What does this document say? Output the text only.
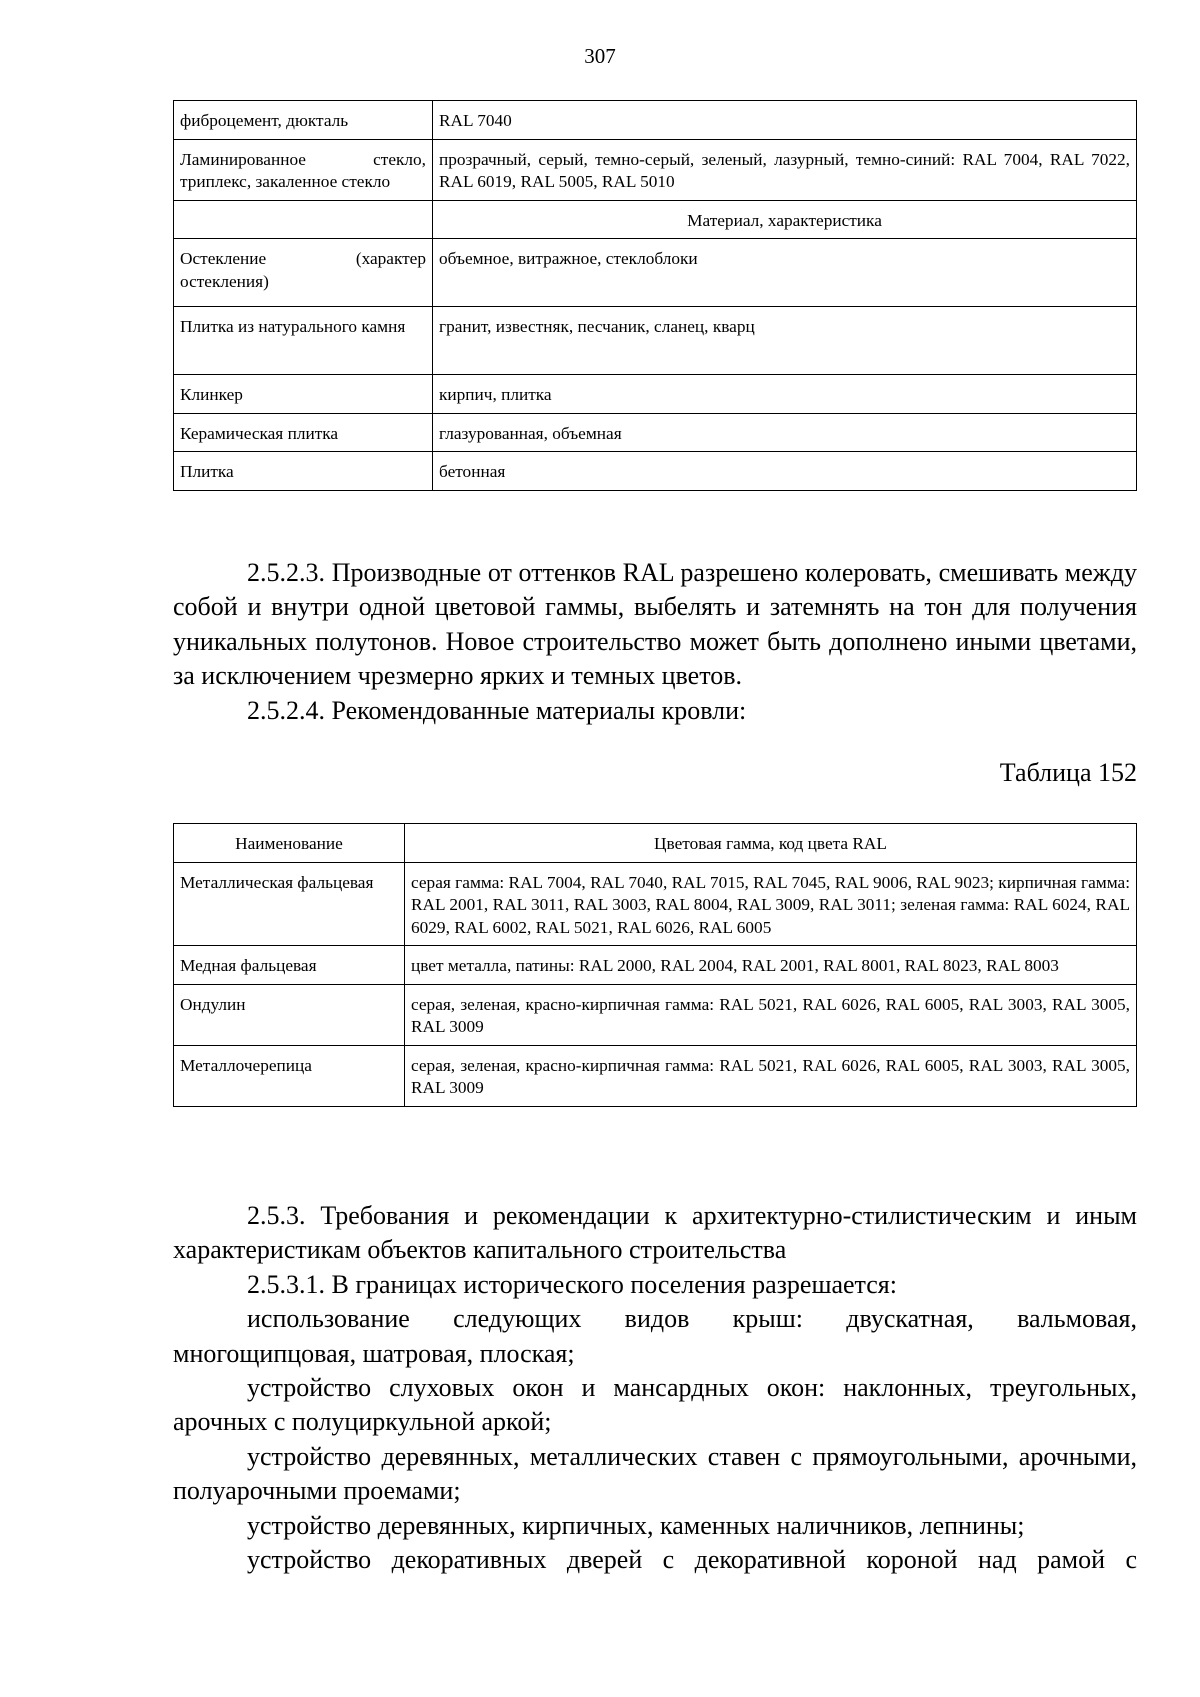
307
фиброцемент, дюкталь	RAL 7040
Ламинированное стекло, триплекс, закаленное стекло	прозрачный, серый, темно-серый, зеленый, лазурный, темно-синий: RAL 7004, RAL 7022, RAL 6019, RAL 5005, RAL 5010
	Материал, характеристика
Остекление (характер остекления)	объемное, витражное, стеклоблоки
Плитка из натурального камня	гранит, известняк, песчаник, сланец, кварц
Клинкер	кирпич, плитка
Керамическая плитка	глазурованная, объемная
Плитка	бетонная

2.5.2.3. Производные от оттенков RAL разрешено колеровать, смешивать между собой и внутри одной цветовой гаммы, выбелять и затемнять на тон для получения уникальных полутонов. Новое строительство может быть дополнено иными цветами, за исключением чрезмерно ярких и темных цветов.

2.5.2.4. Рекомендованные материалы кровли:

Таблица 152
Наименование	Цветовая гамма, код цвета RAL
Металлическая фальцевая	серая гамма: RAL 7004, RAL 7040, RAL 7015, RAL 7045, RAL 9006, RAL 9023; кирпичная гамма: RAL 2001, RAL 3011, RAL 3003, RAL 8004, RAL 3009, RAL 3011; зеленая гамма: RAL 6024, RAL 6029, RAL 6002, RAL 5021, RAL 6026, RAL 6005
Медная фальцевая	цвет металла, патины: RAL 2000, RAL 2004, RAL 2001, RAL 8001, RAL 8023, RAL 8003
Ондулин	серая, зеленая, красно-кирпичная гамма: RAL 5021, RAL 6026, RAL 6005, RAL 3003, RAL 3005, RAL 3009
Металлочерепица	серая, зеленая, красно-кирпичная гамма: RAL 5021, RAL 6026, RAL 6005, RAL 3003, RAL 3005, RAL 3009

2.5.3. Требования и рекомендации к архитектурно-стилистическим и иным характеристикам объектов капитального строительства

2.5.3.1. В границах исторического поселения разрешается:

использование следующих видов крыш: двускатная, вальмовая, многощипцовая, шатровая, плоская;

устройство слуховых окон и мансардных окон: наклонных, треугольных, арочных с полуциркульной аркой;

устройство деревянных, металлических ставен с прямоугольными, арочными, полуарочными проемами;

устройство деревянных, кирпичных, каменных наличников, лепнины;

устройство декоративных дверей с декоративной короной над рамой с
